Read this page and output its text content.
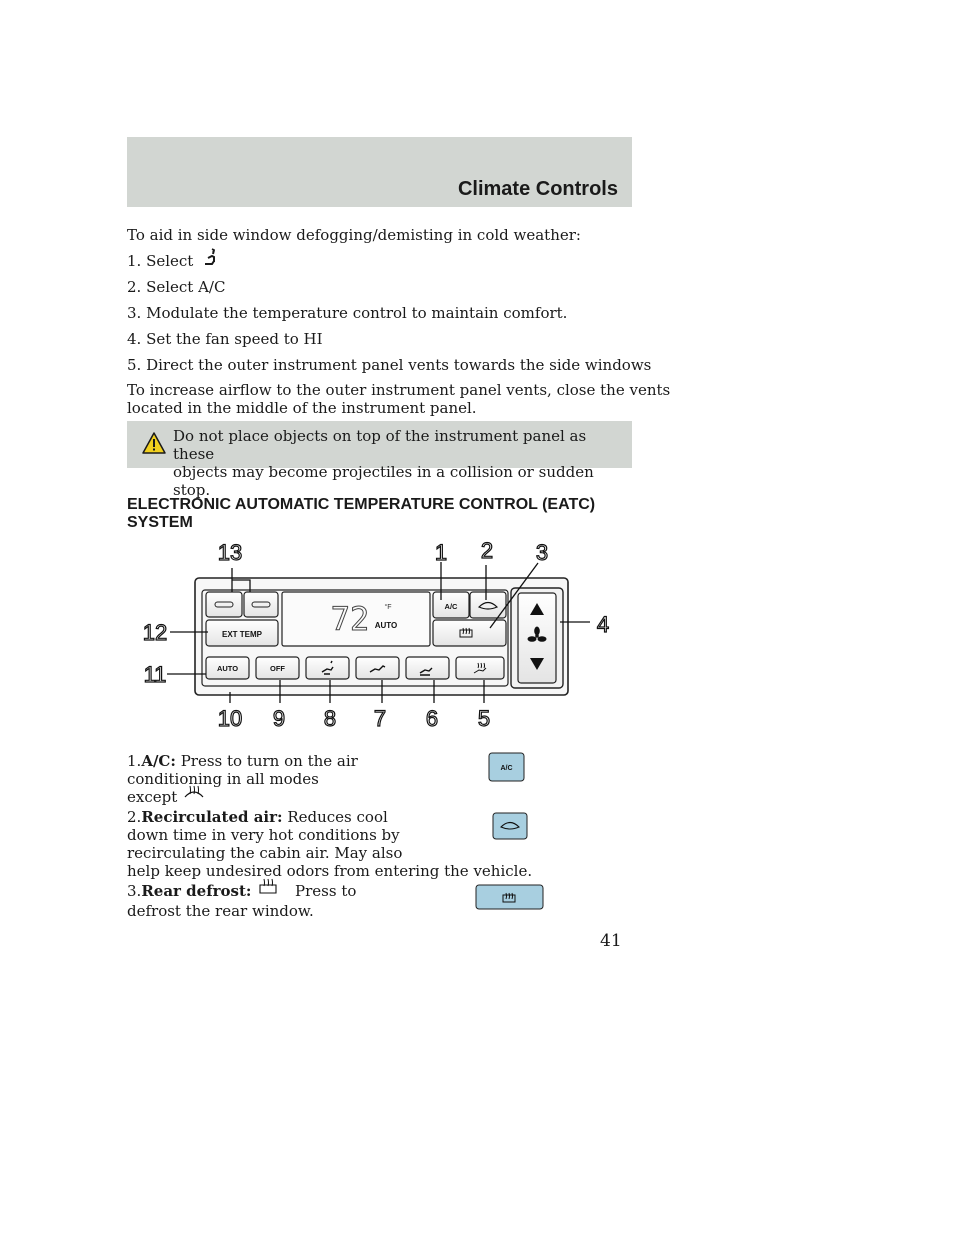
Climate Controls
To aid in side window defogging/demisting in cold weather:
1. Select
2. Select A/C
3. Modulate the temperature control to maintain comfort.
4. Set the fan speed to HI
5. Direct the outer instrument panel vents towards the side windows
To increase airflow to the outer instrument panel vents, close the vents
located in the middle of the instrument panel.
Do not place objects on top of the instrument panel as these
objects may become projectiles in a collision or sudden stop.
ELECTRONIC AUTOMATIC TEMPERATURE CONTROL (EATC)
SYSTEM
EXT TEMP 72 °F
AUTO
A/C
AUTO	OFF
1 2 3
4
5
6
7
8
9
10
11
12
13
A/C
1.A/C: Press to turn on the air
conditioning in all modes
except
2.Recirculated air: Reduces cool
down time in very hot conditions by
recirculating the cabin air. May also
help keep undesired odors from entering the vehicle.
3.Rear defrost:	Press to
defrost the rear window.
41
